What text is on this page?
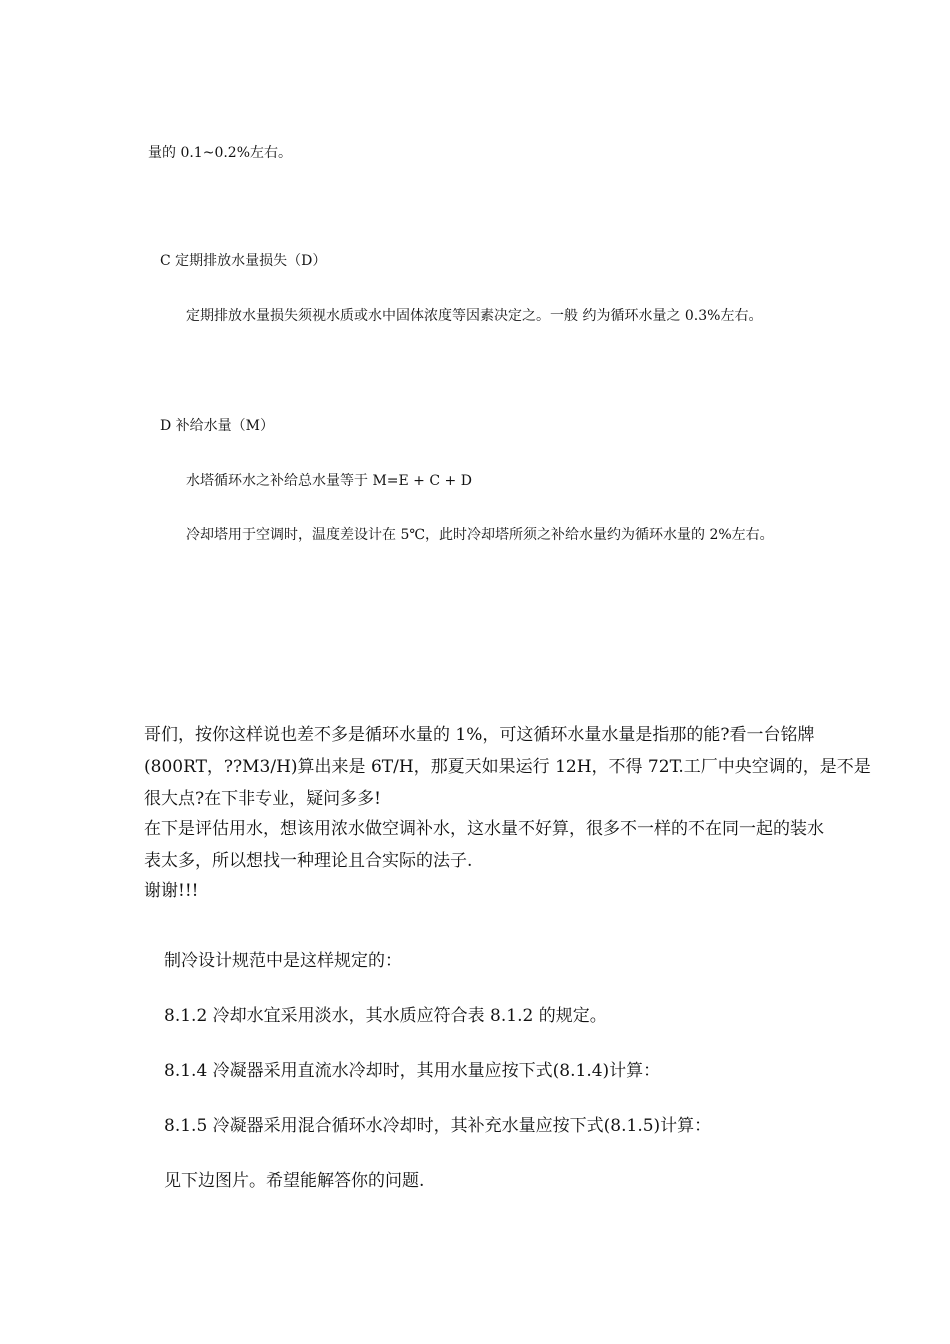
量的 0.1~0.2%左右。
C 定期排放水量损失（D）
定期排放水量损失须视水质或水中固体浓度等因素决定之。一般 约为循环水量之 0.3%左右。
D 补给水量（M）
水塔循环水之补给总水量等于 M=E + C + D
冷却塔用于空调时，温度差设计在 5℃，此时冷却塔所须之补给水量约为循环水量的 2%左右。
哥们，按你这样说也差不多是循环水量的 1%，可这循环水量水量是指那的能?看一台铭牌
(800RT，??M3/H)算出来是 6T/H，那夏天如果运行 12H，不得 72T.工厂中央空调的，是不是
很大点?在下非专业，疑问多多!
在下是评估用水，想该用浓水做空调补水，这水量不好算，很多不一样的不在同一起的装水
表太多，所以想找一种理论且合实际的法子.
谢谢!!!
制冷设计规范中是这样规定的：
8.1.2 冷却水宜采用淡水，其水质应符合表 8.1.2 的规定。
8.1.4 冷凝器采用直流水冷却时，其用水量应按下式(8.1.4)计算：
8.1.5 冷凝器采用混合循环水冷却时，其补充水量应按下式(8.1.5)计算：
见下边图片。希望能解答你的问题.
